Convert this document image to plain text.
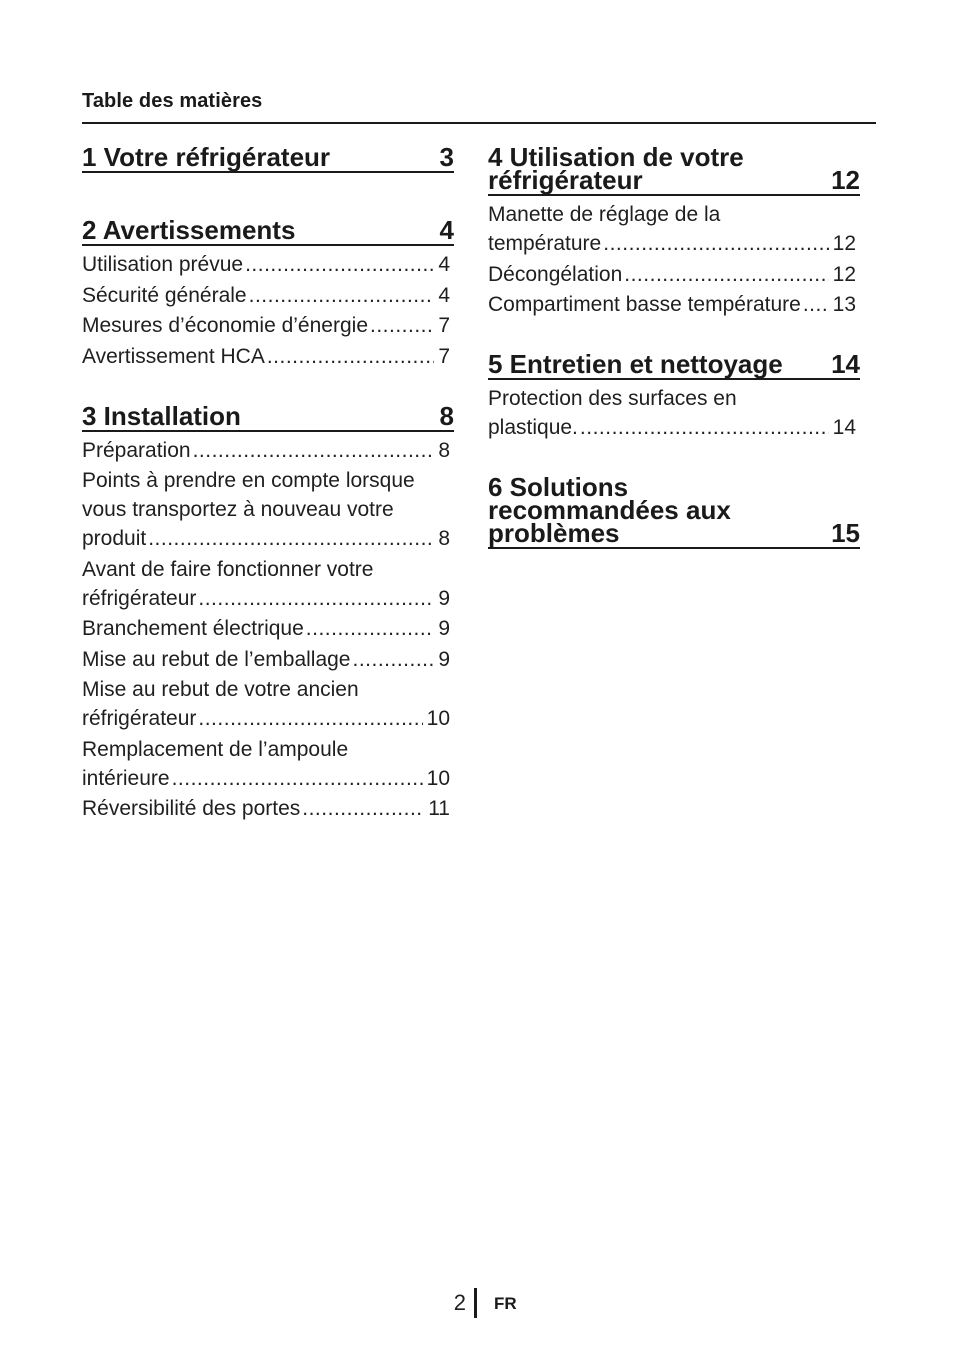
Table des matières
1 Votre réfrigérateur	3
2 Avertissements	4
Utilisation prévue .....	4
Sécurité générale .....	4
Mesures d’économie d’énergie .....	7
Avertissement HCA .....	7
3 Installation	8
Préparation .....	8
Points à prendre en compte lorsque vous transportez à nouveau votre
produit .....	8
Avant de faire fonctionner votre
réfrigérateur .....	9
Branchement électrique .....	9
Mise au rebut de l’emballage .....	9
Mise au rebut de votre ancien
réfrigérateur .....	10
Remplacement de l’ampoule
intérieure .....	10
Réversibilité des portes .....	11
4 Utilisation de votre réfrigérateur	12
Manette de réglage de la
température .....	12
Décongélation .....	12
Compartiment basse température ..... 13
5 Entretien et nettoyage	14
Protection des surfaces en
plastique. .....	14
6 Solutions recommandées aux problèmes	15
2 FR
